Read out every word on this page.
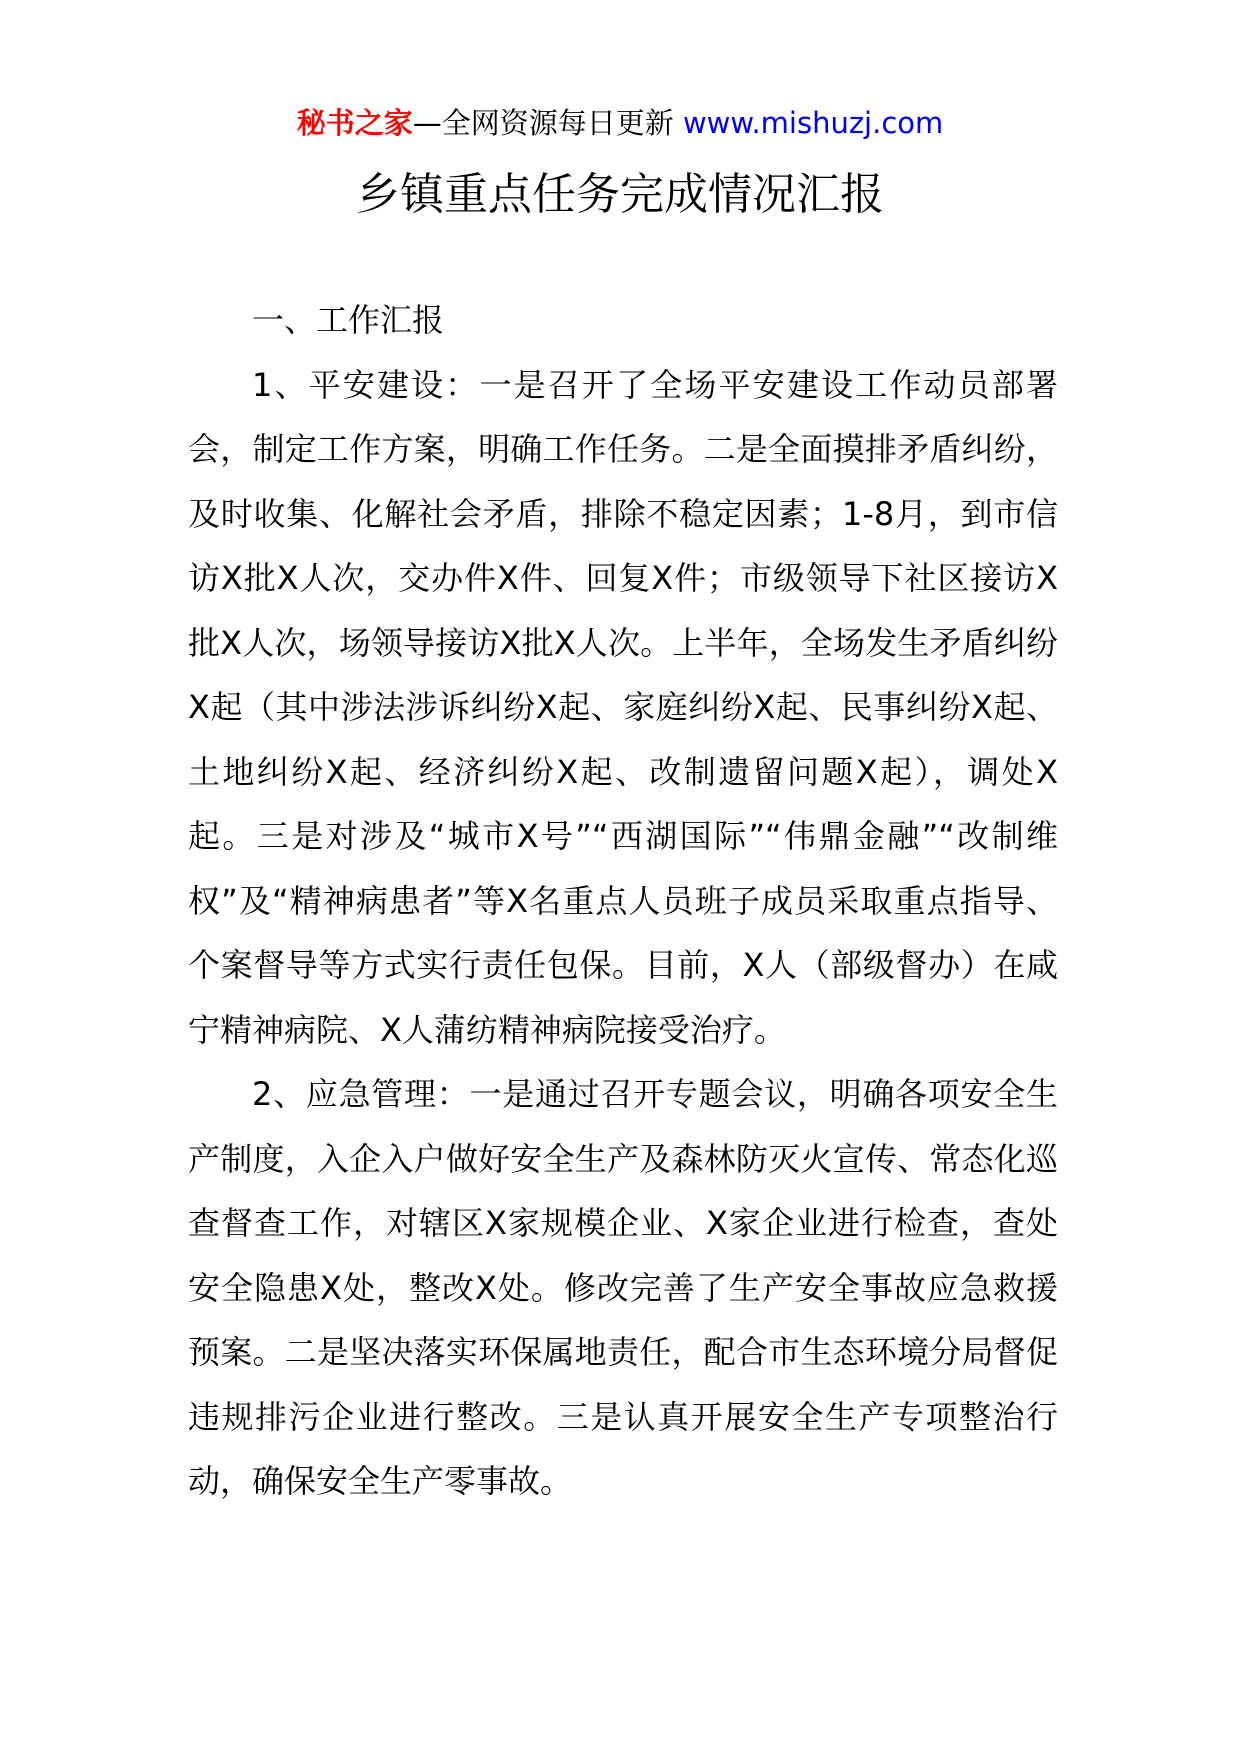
秘书之家—全网资源每日更新 www.mishuzj.com
乡镇重点任务完成情况汇报

一、工作汇报

1、平安建设：一是召开了全场平安建设工作动员部署会，制定工作方案，明确工作任务。二是全面摸排矛盾纠纷，及时收集、化解社会矛盾，排除不稳定因素；1-8月，到市信访X批X人次，交办件X件、回复X件；市级领导下社区接访X批X人次，场领导接访X批X人次。上半年，全场发生矛盾纠纷X起（其中涉法涉诉纠纷X起、家庭纠纷X起、民事纠纷X起、土地纠纷X起、经济纠纷X起、改制遗留问题X起），调处X起。三是对涉及“城市X号”“西湖国际”“伟鼎金融”“改制维权”及“精神病患者”等X名重点人员班子成员采取重点指导、个案督导等方式实行责任包保。目前，X人（部级督办）在咸宁精神病院、X人蒲纺精神病院接受治疗。

2、应急管理：一是通过召开专题会议，明确各项安全生产制度，入企入户做好安全生产及森林防灭火宣传、常态化巡查督查工作，对辖区X家规模企业、X家企业进行检查，查处安全隐患X处，整改X处。修改完善了生产安全事故应急救援预案。二是坚决落实环保属地责任，配合市生态环境分局督促违规排污企业进行整改。三是认真开展安全生产专项整治行动，确保安全生产零事故。
